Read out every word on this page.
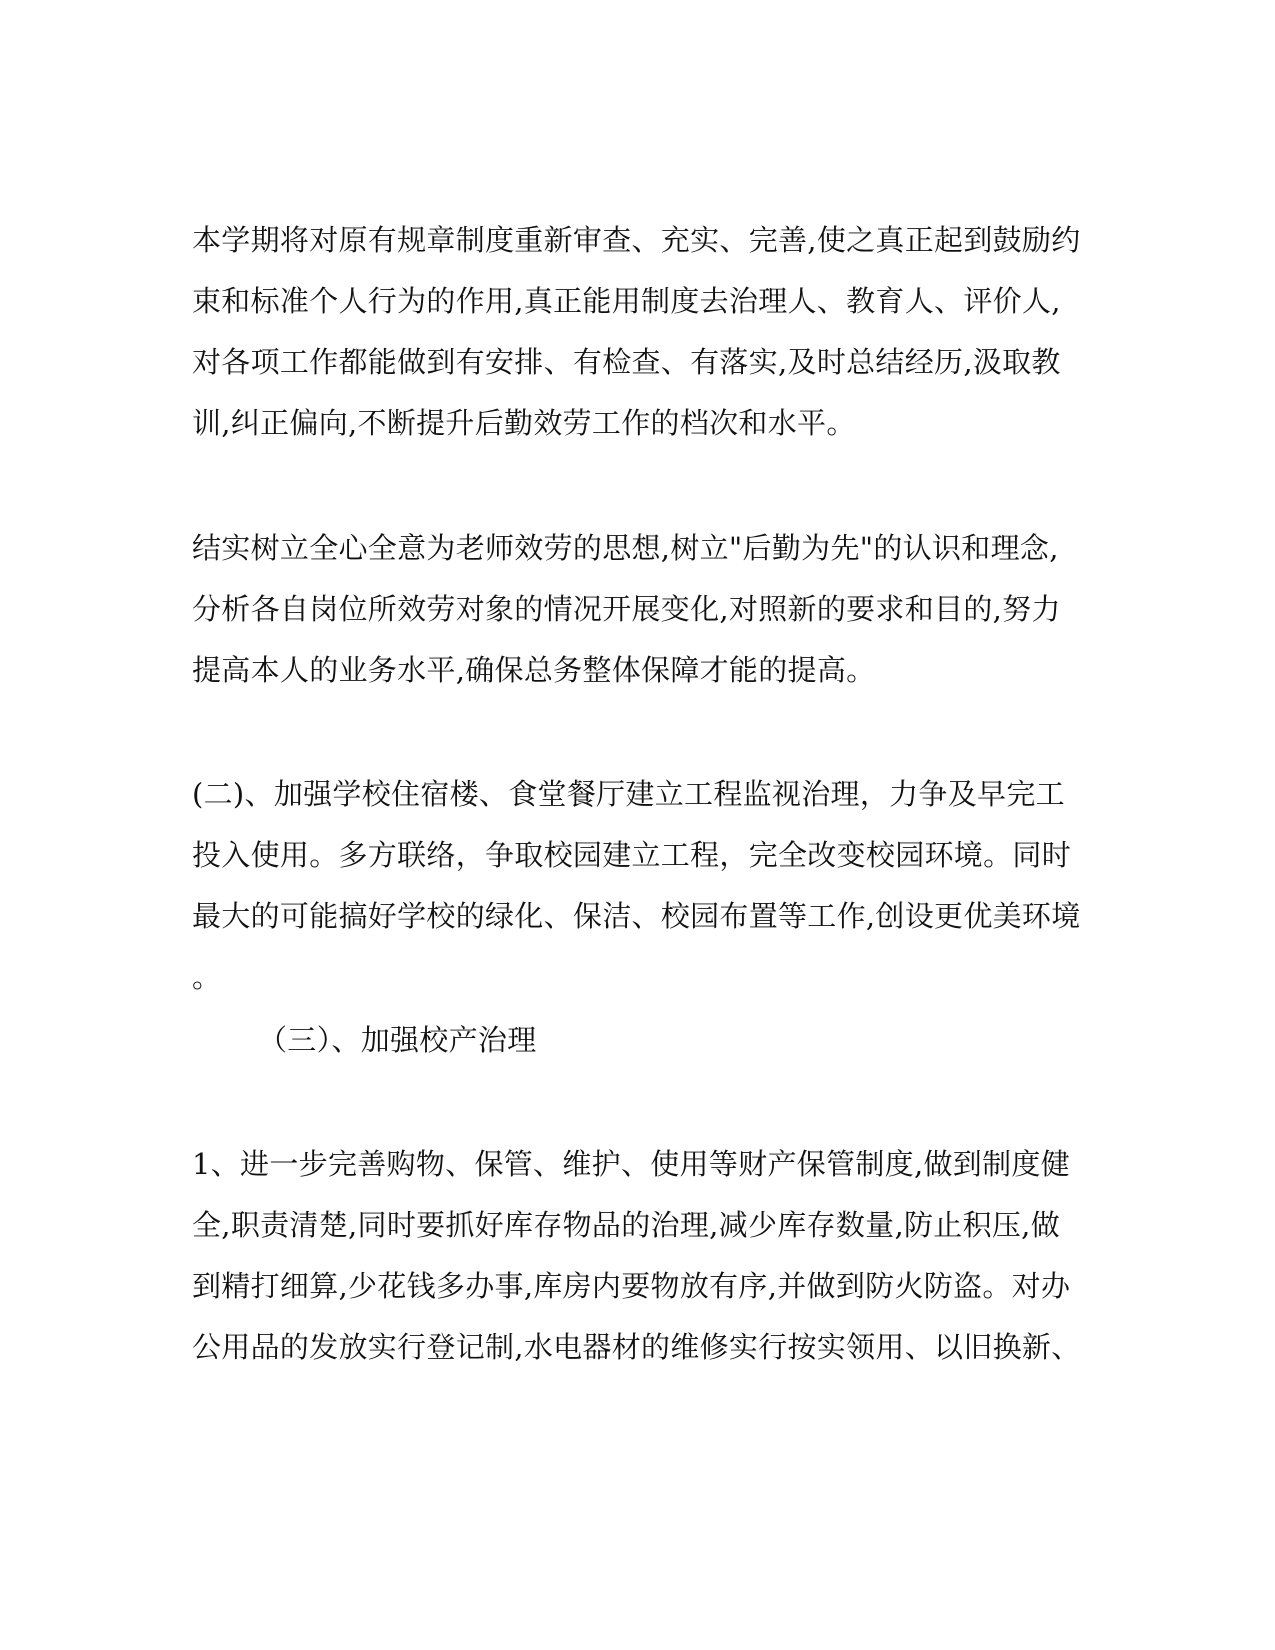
本学期将对原有规章制度重新审查、充实、完善,使之真正起到鼓励约
束和标准个人行为的作用,真正能用制度去治理人、教育人、评价人,
对各项工作都能做到有安排、有检查、有落实,及时总结经历,汲取教
训,纠正偏向,不断提升后勤效劳工作的档次和水平。
结实树立全心全意为老师效劳的思想,树立"后勤为先"的认识和理念,
分析各自岗位所效劳对象的情况开展变化,对照新的要求和目的,努力
提高本人的业务水平,确保总务整体保障才能的提高。
(二)、加强学校住宿楼、食堂餐厅建立工程监视治理，力争及早完工
投入使用。多方联络，争取校园建立工程，完全改变校园环境。同时
最大的可能搞好学校的绿化、保洁、校园布置等工作,创设更优美环境
。
（三）、加强校产治理
1、进一步完善购物、保管、维护、使用等财产保管制度,做到制度健
全,职责清楚,同时要抓好库存物品的治理,减少库存数量,防止积压,做
到精打细算,少花钱多办事,库房内要物放有序,并做到防火防盗。对办
公用品的发放实行登记制,水电器材的维修实行按实领用、以旧换新、
